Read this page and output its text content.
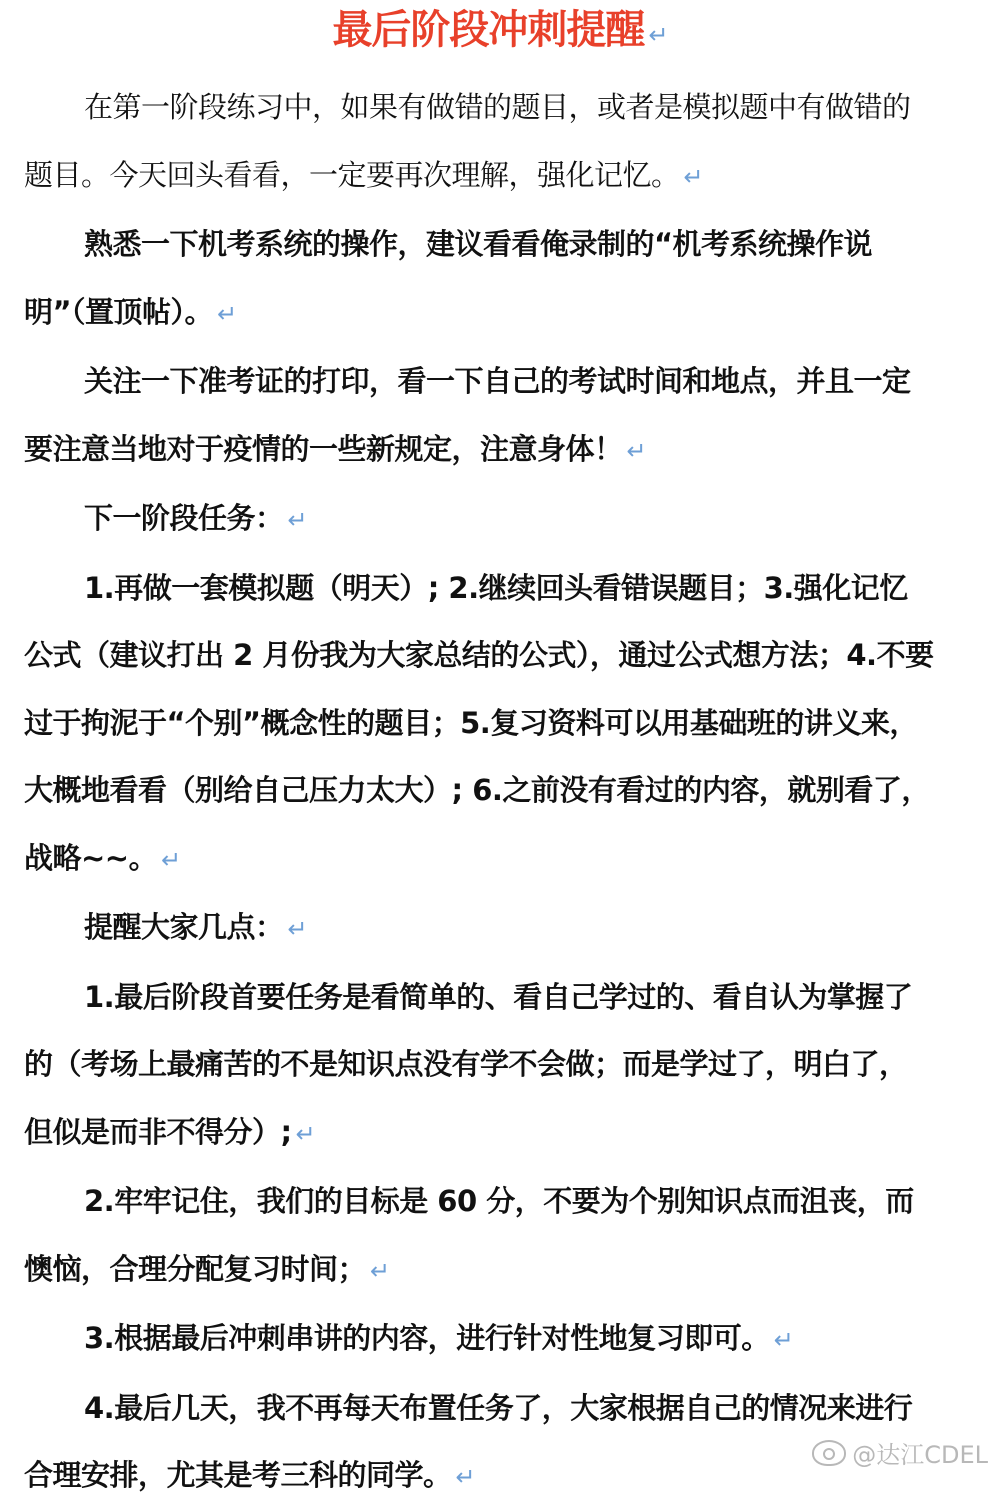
最后阶段冲刺提醒 ↵

在第一阶段练习中，如果有做错的题目，或者是模拟题中有做错的题目。今天回头看看，一定要再次理解，强化记忆。 ↵

熟悉一下机考系统的操作，建议看看俺录制的“机考系统操作说明”（置顶帖）。 ↵

关注一下准考证的打印，看一下自己的考试时间和地点，并且一定要注意当地对于疫情的一些新规定，注意身体！ ↵

下一阶段任务： ↵

1.再做一套模拟题（明天）; 2.继续回头看错误题目；3.强化记忆公式（建议打出 2 月份我为大家总结的公式），通过公式想方法；4.不要过于拘泥于“个别”概念性的题目；5.复习资料可以用基础班的讲义来，大概地看看（别给自己压力太大）; 6.之前没有看过的内容，就别看了，战略~~。 ↵

提醒大家几点： ↵

1.最后阶段首要任务是看简单的、看自己学过的、看自认为掌握了的（考场上最痛苦的不是知识点没有学不会做；而是学过了，明白了，但似是而非不得分）; ↵

2.牢牢记住，我们的目标是 60 分，不要为个别知识点而沮丧，而懊恼，合理分配复习时间； ↵

3.根据最后冲刺串讲的内容，进行针对性地复习即可。 ↵

4.最后几天，我不再每天布置任务了，大家根据自己的情况来进行合理安排，尤其是考三科的同学。 ↵

@达江CDEL
